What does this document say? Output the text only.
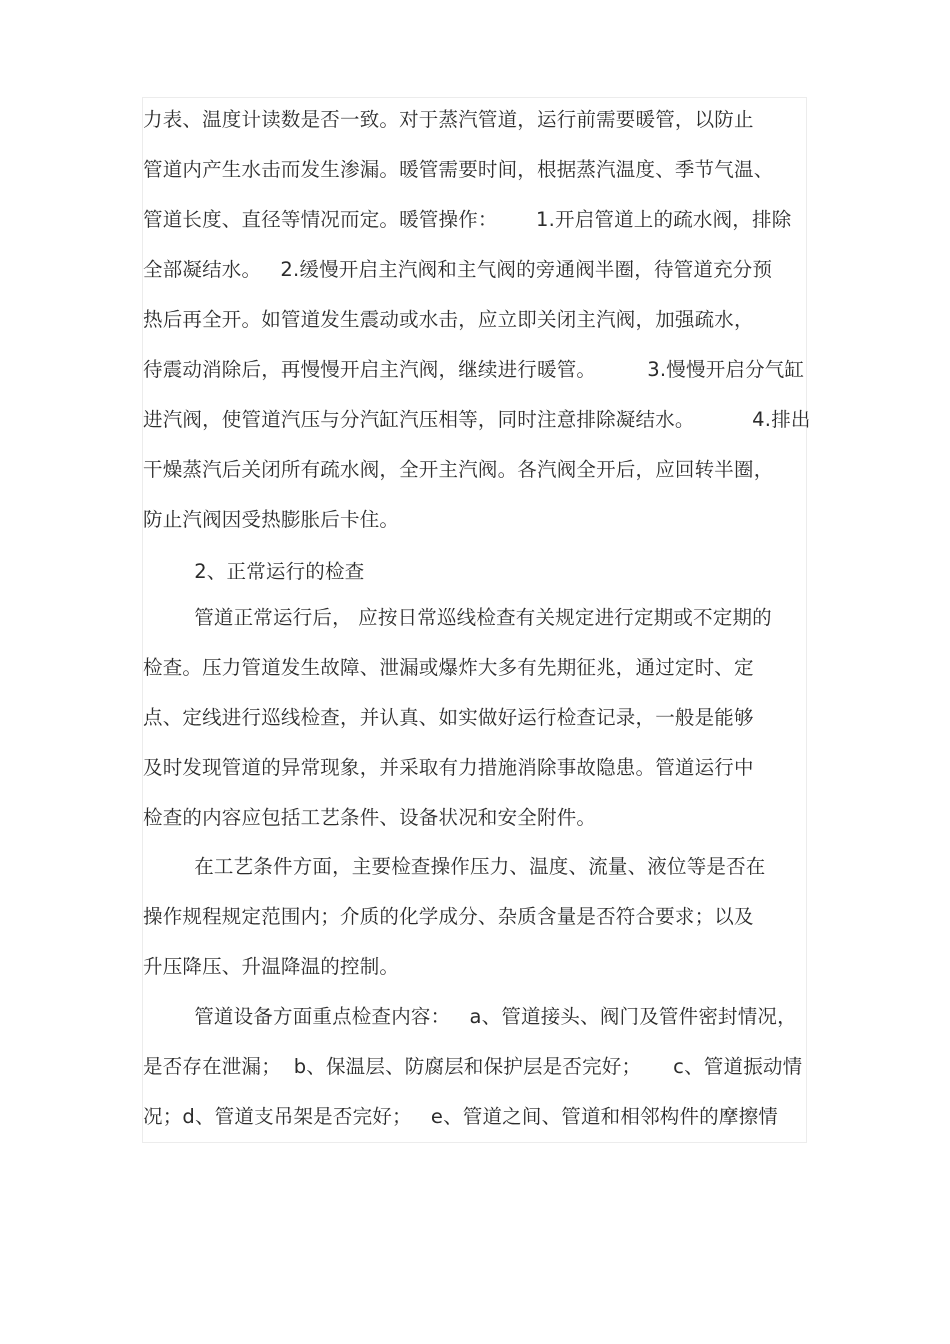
力表、温度计读数是否一致。对于蒸汽管道，运行前需要暖管，以防止
管道内产生水击而发生渗漏。暖管需要时间，根据蒸汽温度、季节气温、
管道长度、直径等情况而定。暖管操作：      1.开启管道上的疏水阀，排除
全部凝结水。   2.缓慢开启主汽阀和主气阀的旁通阀半圈，待管道充分预
热后再全开。如管道发生震动或水击，应立即关闭主汽阀，加强疏水，
待震动消除后，再慢慢开启主汽阀，继续进行暖管。        3.慢慢开启分气缸
进汽阀，使管道汽压与分汽缸汽压相等，同时注意排除凝结水。         4.排出
干燥蒸汽后关闭所有疏水阀，全开主汽阀。各汽阀全开后，应回转半圈，
防止汽阀因受热膨胀后卡住。
2、正常运行的检查
管道正常运行后， 应按日常巡线检查有关规定进行定期或不定期的
检查。压力管道发生故障、泄漏或爆炸大多有先期征兆，通过定时、定
点、定线进行巡线检查，并认真、如实做好运行检查记录，一般是能够
及时发现管道的异常现象，并采取有力措施消除事故隐患。管道运行中
检查的内容应包括工艺条件、设备状况和安全附件。
在工艺条件方面，主要检查操作压力、温度、流量、液位等是否在
操作规程规定范围内；介质的化学成分、杂质含量是否符合要求；以及
升压降压、升温降温的控制。
管道设备方面重点检查内容：   a、管道接头、阀门及管件密封情况，
是否存在泄漏；  b、保温层、防腐层和保护层是否完好；     c、管道振动情
况；d、管道支吊架是否完好；   e、管道之间、管道和相邻构件的摩擦情
